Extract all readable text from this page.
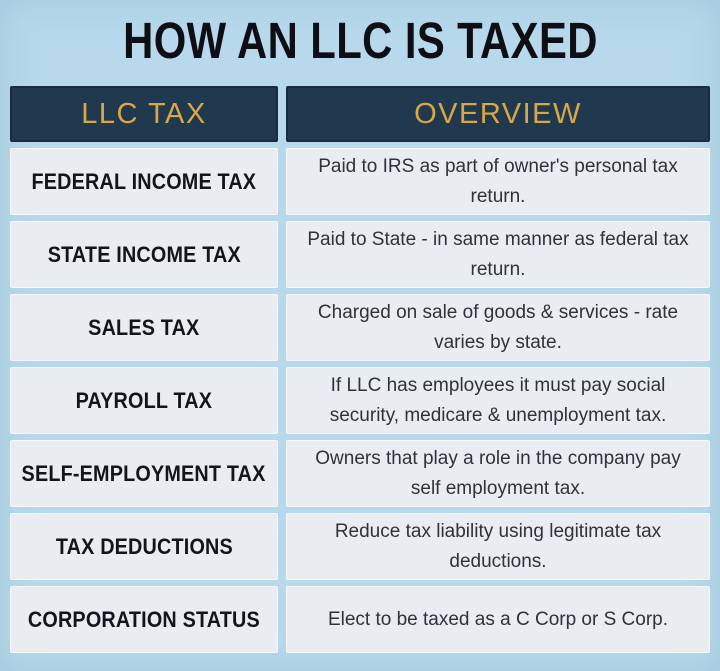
HOW AN LLC IS TAXED
LLC TAX	OVERVIEW
FEDERAL INCOME TAX
Paid to IRS as part of owner's personal tax return.
STATE INCOME TAX
Paid to State - in same manner as federal tax return.
SALES TAX
Charged on sale of goods & services - rate varies by state.
PAYROLL TAX
If LLC has employees it must pay social security, medicare & unemployment tax.
SELF-EMPLOYMENT TAX
Owners that play a role in the company pay self employment tax.
TAX DEDUCTIONS
Reduce tax liability using legitimate tax deductions.
CORPORATION STATUS	Elect to be taxed as a C Corp or S Corp.
